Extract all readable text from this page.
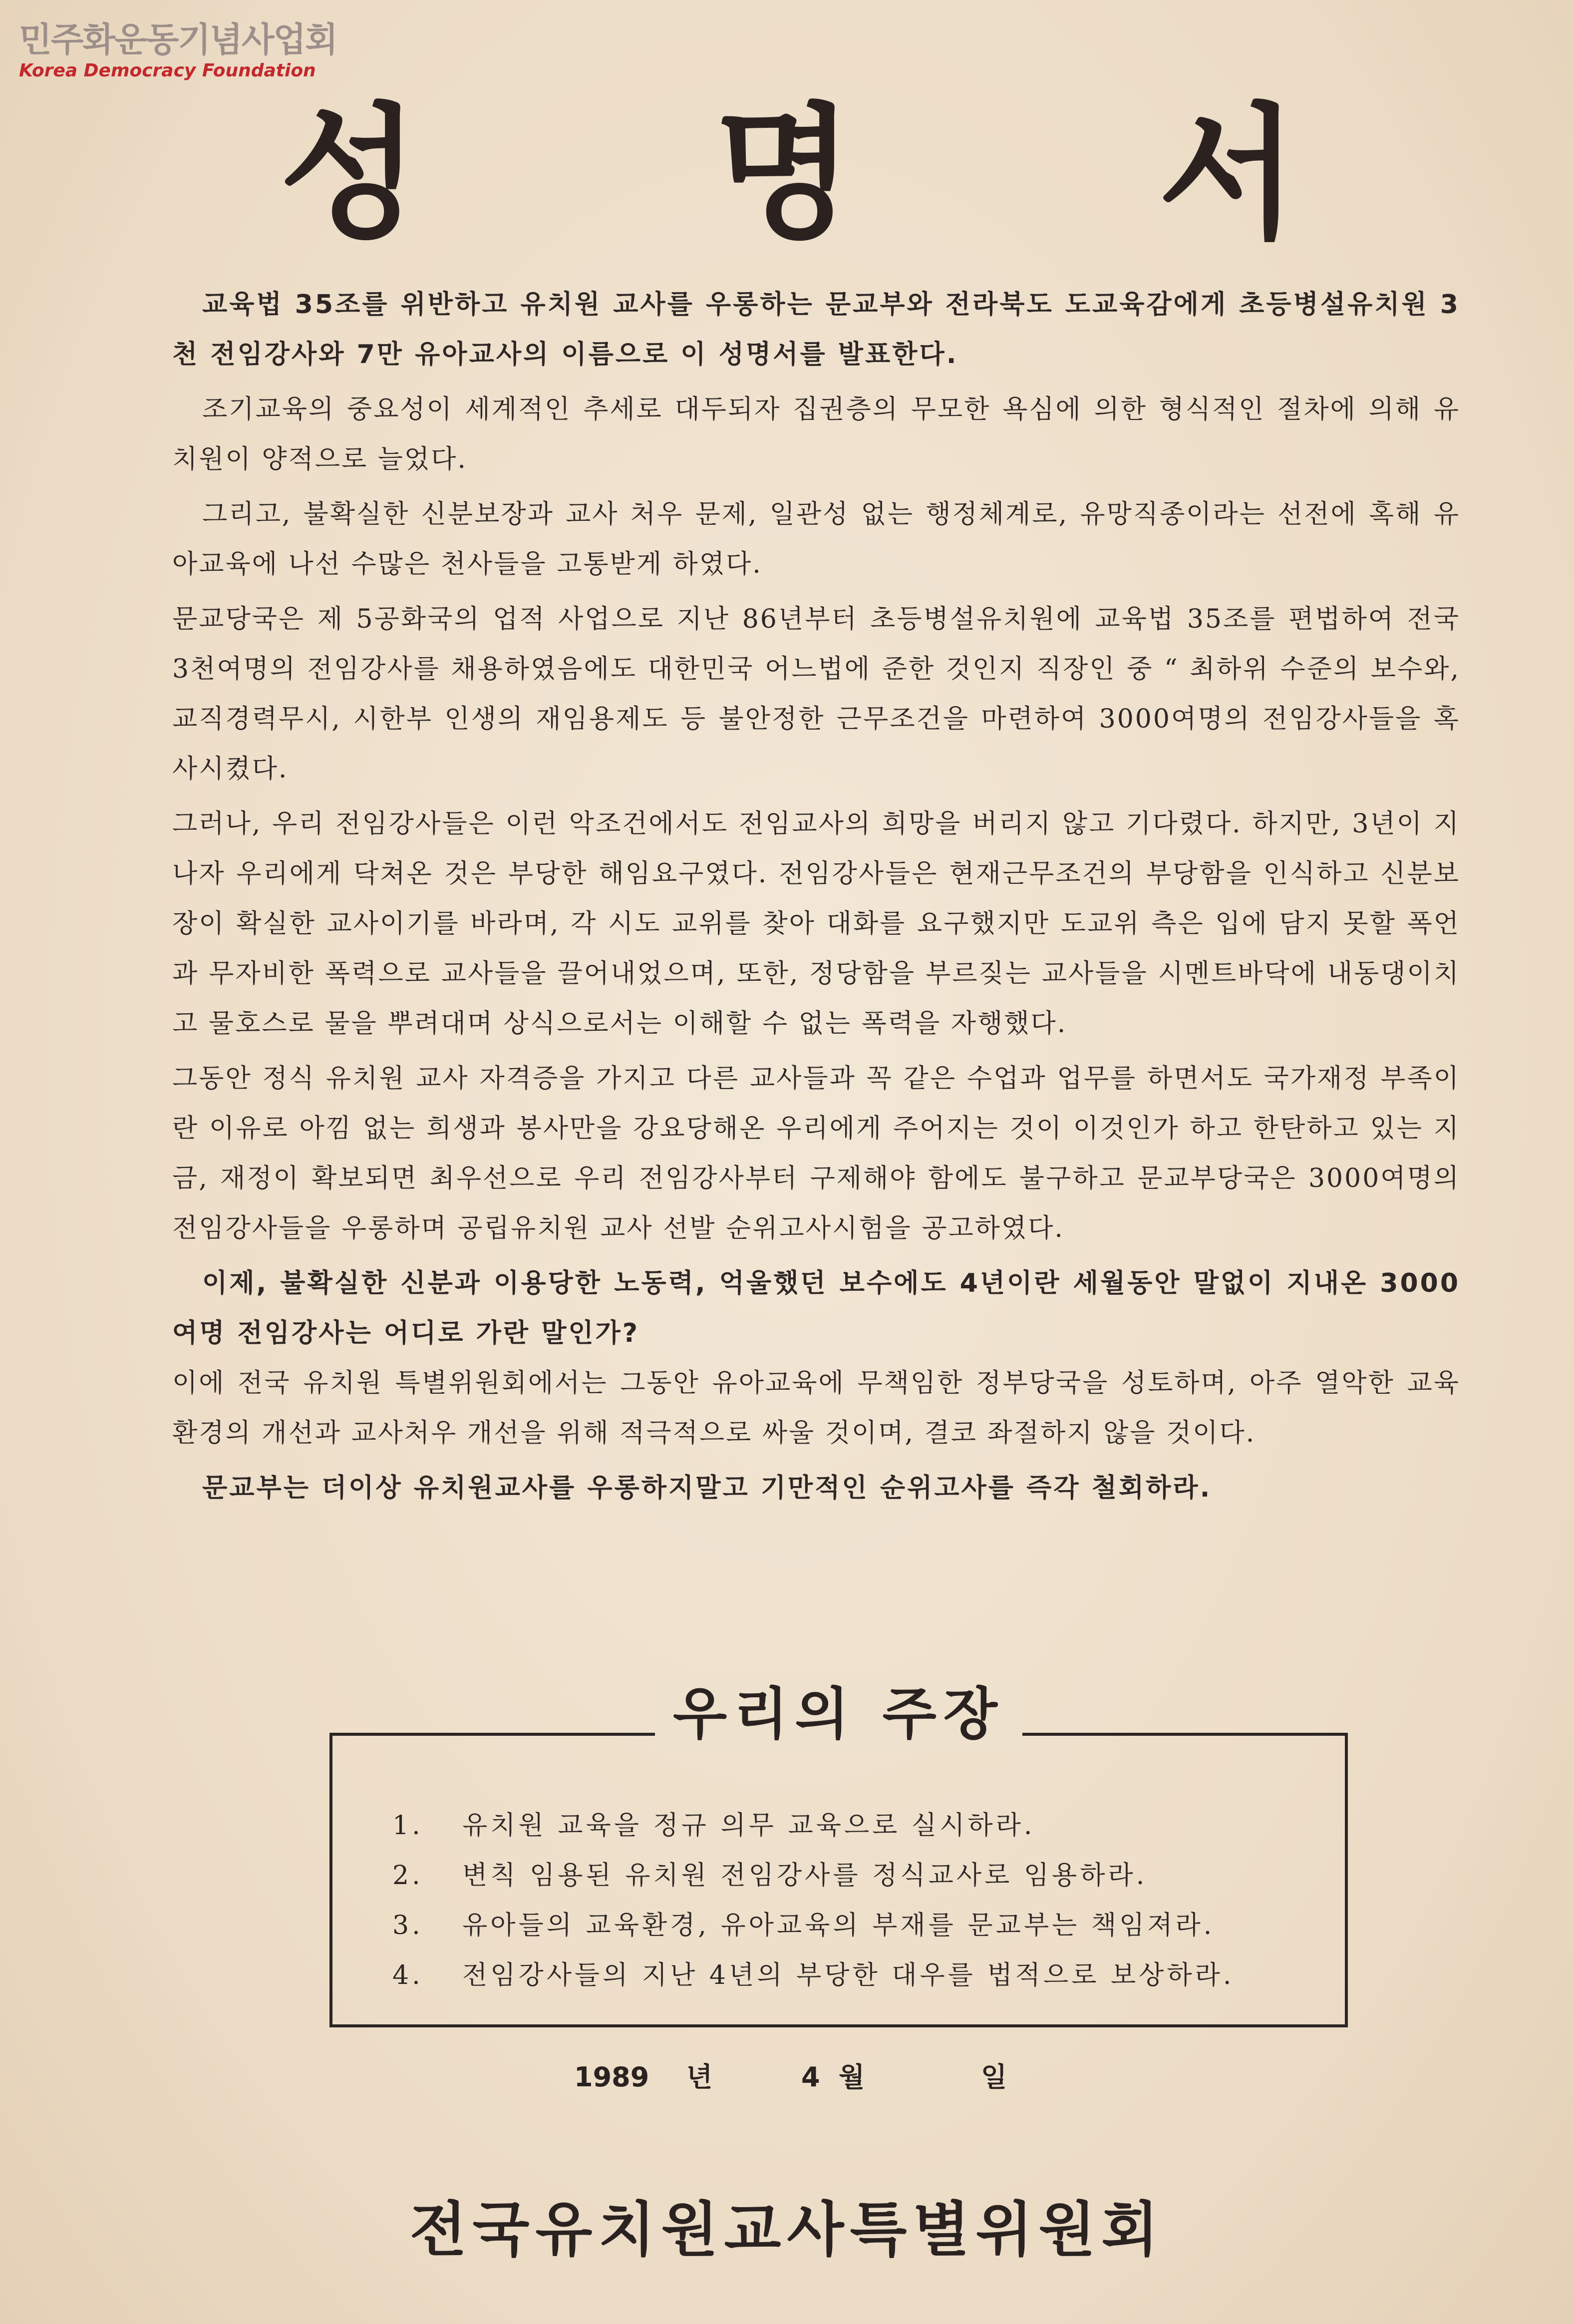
민주화운동기념사업회
Korea Democracy Foundation
성 명 서

교육법 35조를 위반하고 유치원 교사를 우롱하는 문교부와 전라북도 도교육감에게 초등병설유치원 3천 전임강사와 7만 유아교사의 이름으로 이 성명서를 발표한다.

조기교육의 중요성이 세계적인 추세로 대두되자 집권층의 무모한 욕심에 의한 형식적인 절차에 의해 유치원이 양적으로 늘었다.

그리고, 불확실한 신분보장과 교사 처우 문제, 일관성 없는 행정체계로, 유망직종이라는 선전에 혹해 유아교육에 나선 수많은 천사들을 고통받게 하였다.

문교당국은 제 5공화국의 업적 사업으로 지난 86년부터 초등병설유치원에 교육법 35조를 편법하여 전국 3천여명의 전임강사를 채용하였음에도 대한민국 어느법에 준한 것인지 직장인 중 “ 최하위 수준의 보수와, 교직경력무시, 시한부 인생의 재임용제도 등 불안정한 근무조건을 마련하여 3000여명의 전임강사들을 혹사시켰다.

그러나, 우리 전임강사들은 이런 악조건에서도 전임교사의 희망을 버리지 않고 기다렸다. 하지만, 3년이 지나자 우리에게 닥쳐온 것은 부당한 해임요구였다. 전임강사들은 현재근무조건의 부당함을 인식하고 신분보장이 확실한 교사이기를 바라며, 각 시도 교위를 찾아 대화를 요구했지만 도교위 측은 입에 담지 못할 폭언과 무자비한 폭력으로 교사들을 끌어내었으며, 또한, 정당함을 부르짖는 교사들을 시멘트바닥에 내동댕이치고 물호스로 물을 뿌려대며 상식으로서는 이해할 수 없는 폭력을 자행했다.

그동안 정식 유치원 교사 자격증을 가지고 다른 교사들과 꼭 같은 수업과 업무를 하면서도 국가재정 부족이란 이유로 아낌 없는 희생과 봉사만을 강요당해온 우리에게 주어지는 것이 이것인가 하고 한탄하고 있는 지금, 재정이 확보되면 최우선으로 우리 전임강사부터 구제해야 함에도 불구하고 문교부당국은 3000여명의 전임강사들을 우롱하며 공립유치원 교사 선발 순위고사시험을 공고하였다.

이제, 불확실한 신분과 이용당한 노동력, 억울했던 보수에도 4년이란 세월동안 말없이 지내온 3000여명 전임강사는 어디로 가란 말인가?

이에 전국 유치원 특별위원회에서는 그동안 유아교육에 무책임한 정부당국을 성토하며, 아주 열악한 교육 환경의 개선과 교사처우 개선을 위해 적극적으로 싸울 것이며, 결코 좌절하지 않을 것이다.

문교부는 더이상 유치원교사를 우롱하지말고 기만적인 순위고사를 즉각 철회하라.

우리의 주장
1.	유치원 교육을 정규 의무 교육으로 실시하라.
2.	변칙 임용된 유치원 전임강사를 정식교사로 임용하라.
3.	유아들의 교육환경, 유아교육의 부재를 문교부는 책임져라.
4.	전임강사들의 지난 4년의 부당한 대우를 법적으로 보상하라.
1989 년	4 월	일
전국유치원교사특별위원회
